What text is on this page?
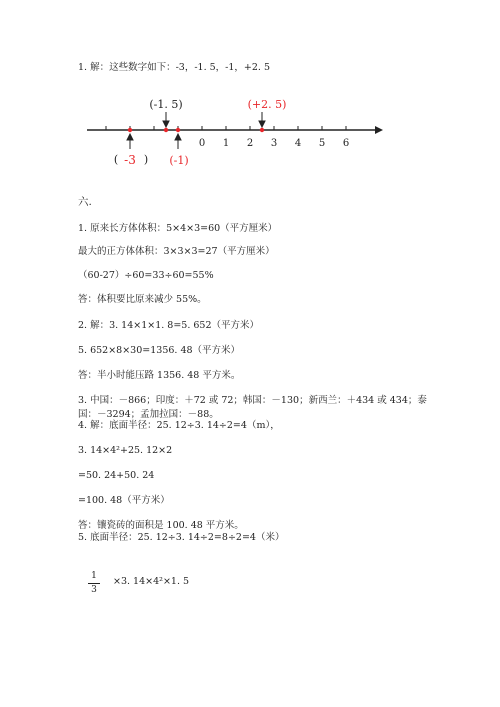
1. 解：这些数字如下：-3，-1. 5，-1，+2. 5
0 1 2 3 4 5 6
(-1. 5)	(+2. 5)
( -3 ) (-1)
六.
1. 原来长方体体积：5×4×3=60（平方厘米）
最大的正方体体积：3×3×3=27（平方厘米）
（60-27）÷60=33÷60=55%
答：体积要比原来减少 55%。
2. 解：3. 14×1×1. 8=5. 652（平方米）
5. 652×8×30=1356. 48（平方米）
答：半小时能压路 1356. 48 平方米。
3. 中国：－866；印度：＋72 或 72；韩国：－130；新西兰：＋434 或 434；泰
国：－3294；孟加拉国：－88。
4. 解：底面半径：25. 12÷3. 14÷2=4（m），
3. 14×4²+25. 12×2
=50. 24+50. 24
=100. 48（平方米）
答：镶瓷砖的面积是 100. 48 平方米。
5. 底面半径：25. 12÷3. 14÷2=8÷2=4（米）
1
3
×3. 14×4²×1. 5
